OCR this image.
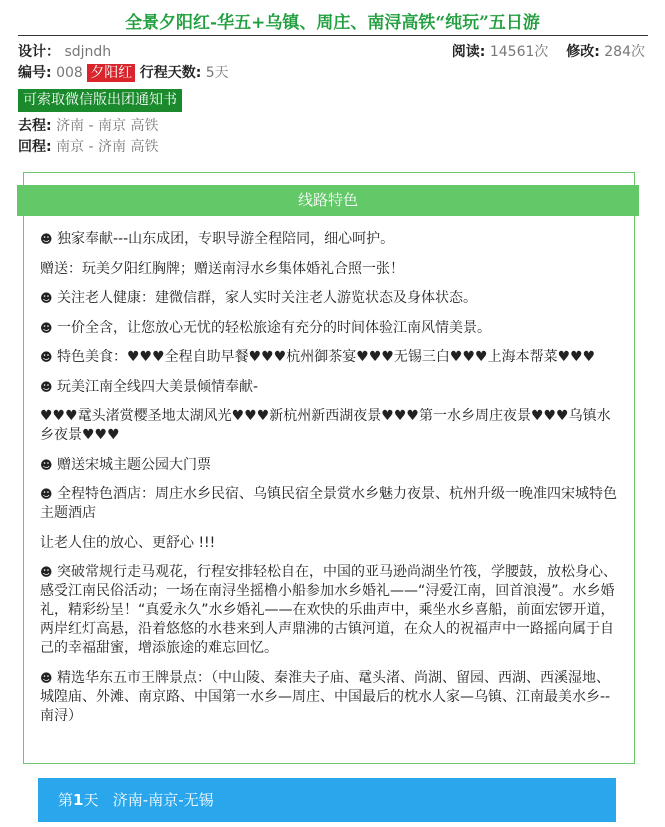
全景夕阳红-华五+乌镇、周庄、南浔高铁“纯玩”五日游
设计： sdjndh	阅读: 14561次 修改: 284次
编号: 008 夕阳红 行程天数: 5天
可索取微信版出团通知书
去程: 济南 - 南京 高铁
回程: 南京 - 济南 高铁
线路特色

☻ 独家奉献---山东成团，专职导游全程陪同，细心呵护。

赠送：玩美夕阳红胸牌；赠送南浔水乡集体婚礼合照一张！

☻ 关注老人健康：建微信群，家人实时关注老人游览状态及身体状态。

☻ 一价全含，让您放心无忧的轻松旅途有充分的时间体验江南风情美景。

☻ 特色美食：♥♥♥全程自助早餐♥♥♥杭州御茶宴♥♥♥无锡三白♥♥♥上海本帮菜♥♥♥

☻ 玩美江南全线四大美景倾情奉献-

♥♥♥鼋头渚赏樱圣地太湖风光♥♥♥新杭州新西湖夜景♥♥♥第一水乡周庄夜景♥♥♥乌镇水乡夜景♥♥♥

☻ 赠送宋城主题公园大门票

☻ 全程特色酒店：周庄水乡民宿、乌镇民宿全景赏水乡魅力夜景、杭州升级一晚准四宋城特色主题酒店

让老人住的放心、更舒心 !!!

☻ 突破常规行走马观花，行程安排轻松自在，中国的亚马逊尚湖坐竹筏，学腰鼓，放松身心、感受江南民俗活动；一场在南浔坐摇橹小船参加水乡婚礼——“浔爱江南，回首浪漫”。水乡婚礼，精彩纷呈！“真爱永久”水乡婚礼——在欢快的乐曲声中，乘坐水乡喜船，前面宏锣开道，两岸红灯高悬，沿着悠悠的水巷来到人声鼎沸的古镇河道，在众人的祝福声中一路摇向属于自己的幸福甜蜜，增添旅途的难忘回忆。

☻ 精选华东五市王牌景点：（中山陵、秦淮夫子庙、鼋头渚、尚湖、留园、西湖、西溪湿地、城隍庙、外滩、南京路、中国第一水乡—周庄、中国最后的枕水人家—乌镇、江南最美水乡--南浔）

第1天 济南-南京-无锡
